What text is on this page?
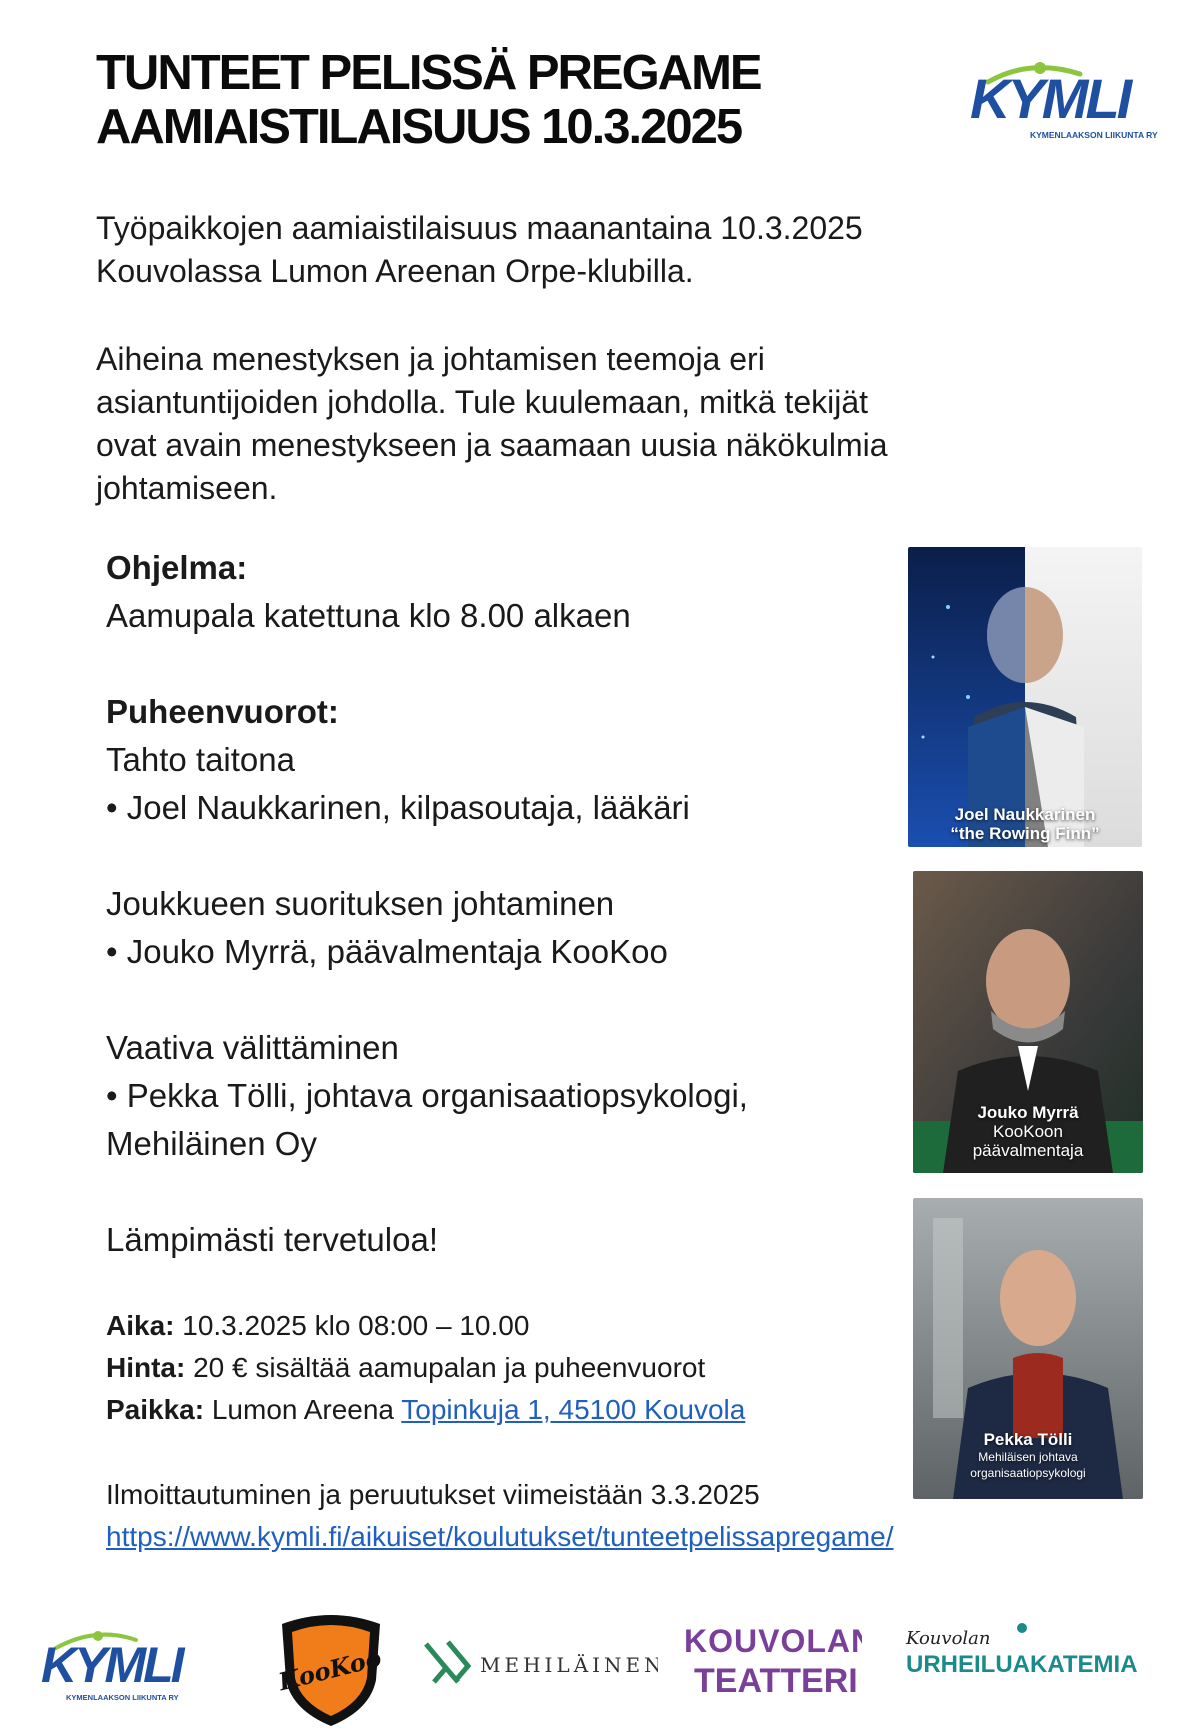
TUNTEET PELISSÄ PREGAME
AAMIAISTILAISUUS 10.3.2025	KYMLI
KYMENLAAKSON LIIKUNTA RY
Työpaikkojen aamiaistilaisuus maanantaina 10.3.2025
Kouvolassa Lumon Areenan Orpe-klubilla.
Aiheina menestyksen ja johtamisen teemoja eri
asiantuntijoiden johdolla. Tule kuulemaan, mitkä tekijät
ovat avain menestykseen ja saamaan uusia näkökulmia
johtamiseen.
Ohjelma:
Aamupala katettuna klo 8.00 alkaen
Puheenvuorot:
Tahto taitona
• Joel Naukkarinen, kilpasoutaja, lääkäri
Joukkueen suorituksen johtaminen
• Jouko Myrrä, päävalmentaja KooKoo
Vaativa välittäminen
• Pekka Tölli, johtava organisaatiopsykologi,
Mehiläinen Oy
Lämpimästi tervetuloa!
Aika: 10.3.2025 klo 08:00 – 10.00
Hinta: 20 € sisältää aamupalan ja puheenvuorot
Paikka: Lumon Areena Topinkuja 1, 45100 Kouvola
Ilmoittautuminen ja peruutukset viimeistään 3.3.2025
https://www.kymli.fi/aikuiset/koulutukset/tunteetpelissapregame/
Joel Naukkarinen
“the Rowing Finn”
Jouko Myrrä
KooKoon
päävalmentaja
Pekka Tölli
Mehiläisen johtava
organisaatiopsykologi
KYMLI
KYMENLAAKSON LIIKUNTA RY
KooKoo	MEHILÄINEN
KOUVOLAN
TEATTERI
Kouvolan
URHEILUAKATEMIA
